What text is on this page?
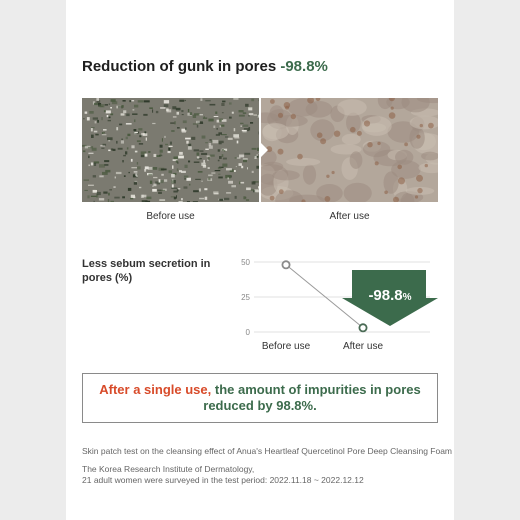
Reduction of gunk in pores -98.8%
Before use	After use
Less sebum secretion in pores (%)
0
25
50
Before use	After use
-98.8%
After a single use, the amount of impurities in pores
reduced by 98.8%.
Skin patch test on the cleansing effect of Anua's Heartleaf Quercetinol Pore Deep Cleansing Foam
The Korea Research Institute of Dermatology,
21 adult women were surveyed in the test period: 2022.11.18 ~ 2022.12.12
